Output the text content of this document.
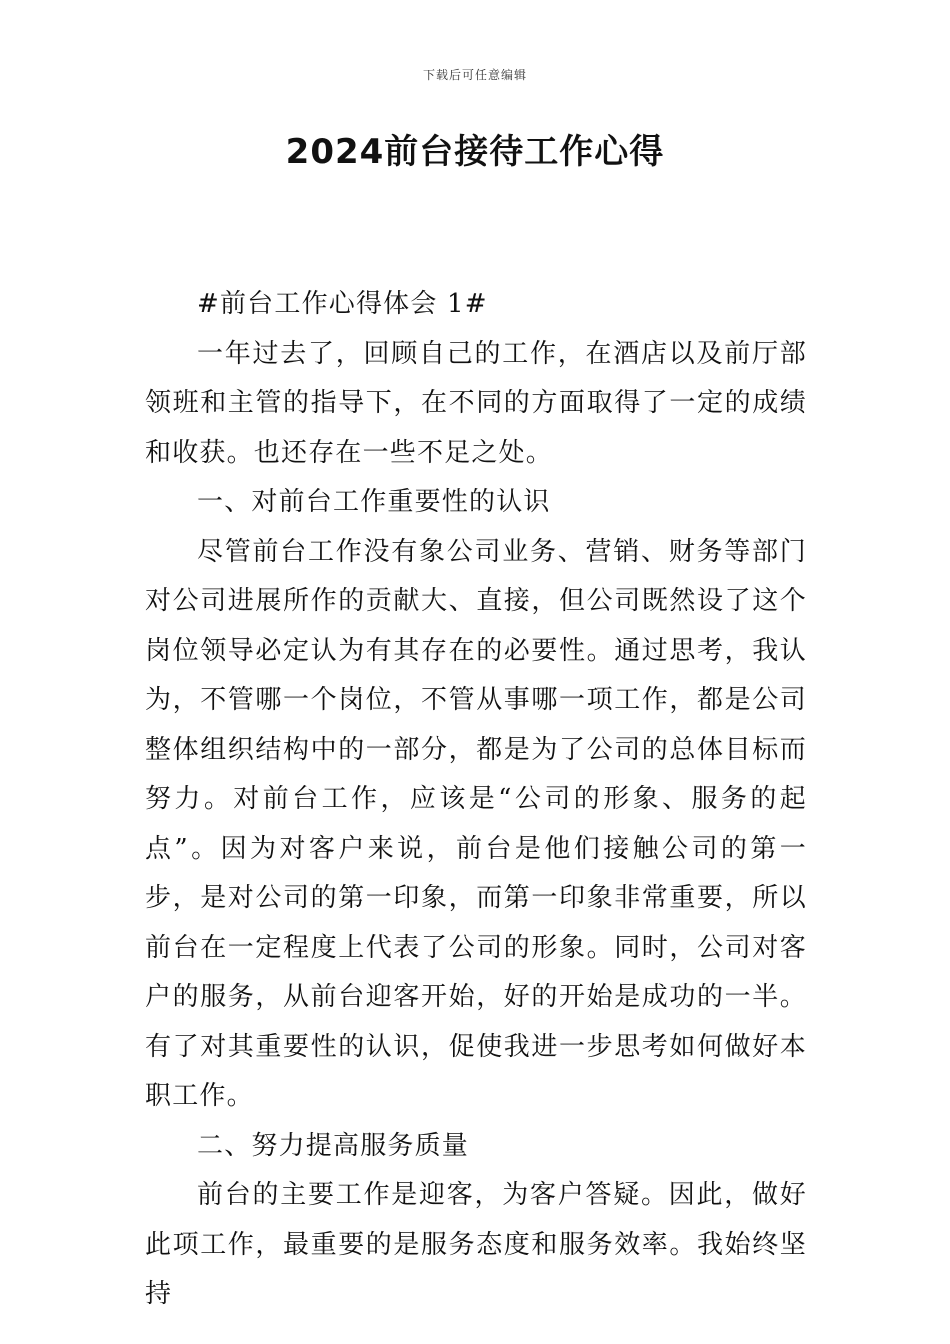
下载后可任意编辑
2024前台接待工作心得

#前台工作心得体会 1#

一年过去了，回顾自己的工作，在酒店以及前厅部领班和主管的指导下，在不同的方面取得了一定的成绩和收获。也还存在一些不足之处。

一、对前台工作重要性的认识

尽管前台工作没有象公司业务、营销、财务等部门对公司进展所作的贡献大、直接，但公司既然设了这个岗位领导必定认为有其存在的必要性。通过思考，我认为，不管哪一个岗位，不管从事哪一项工作，都是公司整体组织结构中的一部分，都是为了公司的总体目标而努力。对前台工作，应该是“公司的形象、服务的起点”。因为对客户来说，前台是他们接触公司的第一步，是对公司的第一印象，而第一印象非常重要，所以前台在一定程度上代表了公司的形象。同时，公司对客户的服务，从前台迎客开始，好的开始是成功的一半。有了对其重要性的认识，促使我进一步思考如何做好本职工作。

二、努力提高服务质量

前台的主要工作是迎客，为客户答疑。因此，做好此项工作，最重要的是服务态度和服务效率。我始终坚持
